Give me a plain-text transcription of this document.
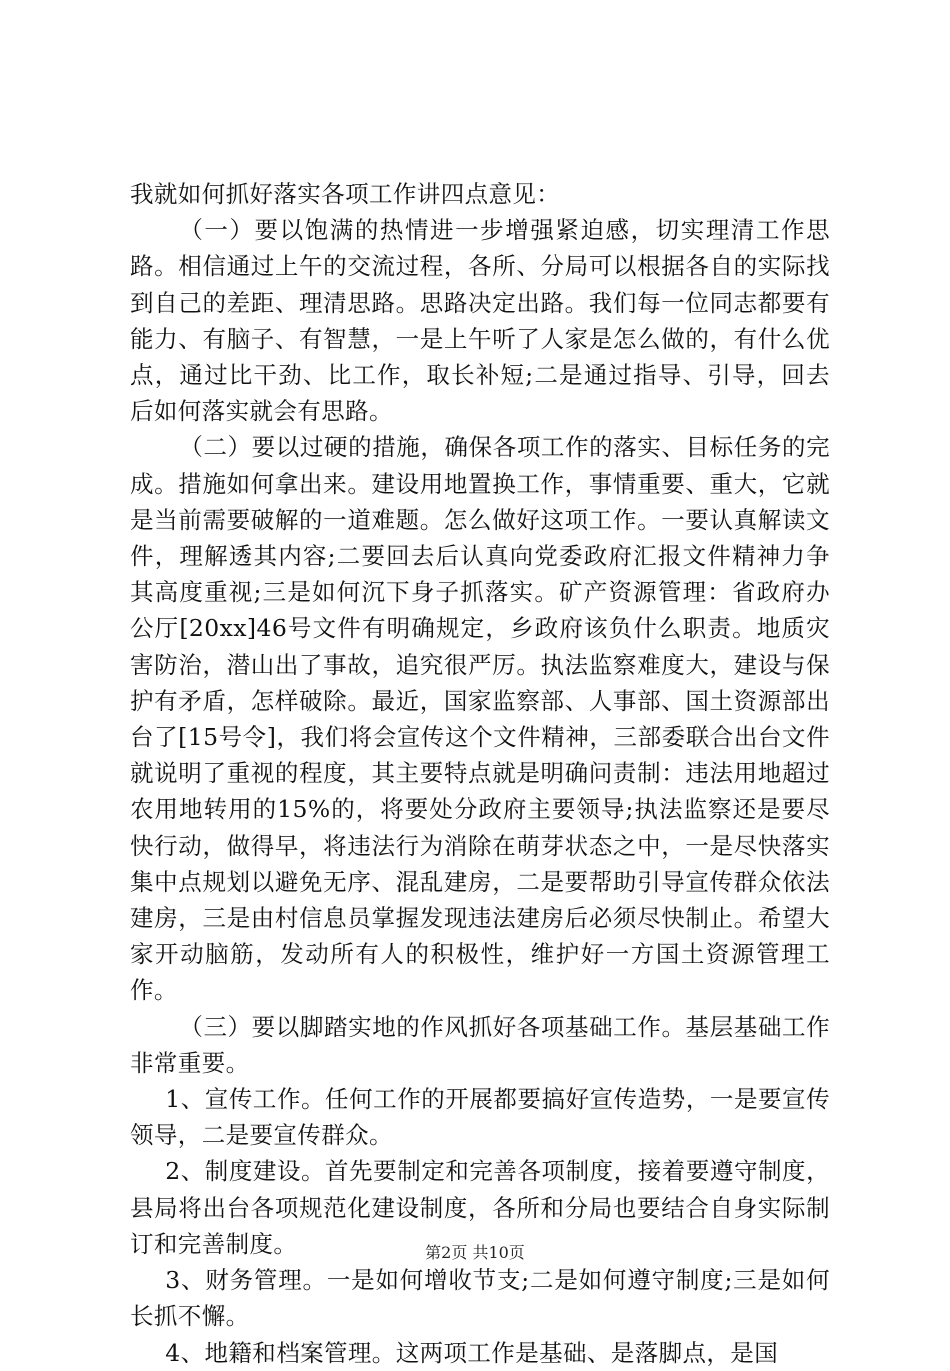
我就如何抓好落实各项工作讲四点意见：

（一）要以饱满的热情进一步增强紧迫感，切实理清工作思路。相信通过上午的交流过程，各所、分局可以根据各自的实际找到自己的差距、理清思路。思路决定出路。我们每一位同志都要有能力、有脑子、有智慧，一是上午听了人家是怎么做的，有什么优点，通过比干劲、比工作，取长补短;二是通过指导、引导，回去后如何落实就会有思路。

（二）要以过硬的措施，确保各项工作的落实、目标任务的完成。措施如何拿出来。建设用地置换工作，事情重要、重大，它就是当前需要破解的一道难题。怎么做好这项工作。一要认真解读文件，理解透其内容;二要回去后认真向党委政府汇报文件精神力争其高度重视;三是如何沉下身子抓落实。矿产资源管理：省政府办公厅[20xx]46号文件有明确规定，乡政府该负什么职责。地质灾害防治，潜山出了事故，追究很严厉。执法监察难度大，建设与保护有矛盾，怎样破除。最近，国家监察部、人事部、国土资源部出台了[15号令]，我们将会宣传这个文件精神，三部委联合出台文件就说明了重视的程度，其主要特点就是明确问责制：违法用地超过农用地转用的15%的，将要处分政府主要领导;执法监察还是要尽快行动，做得早，将违法行为消除在萌芽状态之中，一是尽快落实集中点规划以避免无序、混乱建房，二是要帮助引导宣传群众依法建房，三是由村信息员掌握发现违法建房后必须尽快制止。希望大家开动脑筋，发动所有人的积极性，维护好一方国土资源管理工作。

（三）要以脚踏实地的作风抓好各项基础工作。基层基础工作非常重要。

1、宣传工作。任何工作的开展都要搞好宣传造势，一是要宣传领导，二是要宣传群众。

2、制度建设。首先要制定和完善各项制度，接着要遵守制度，县局将出台各项规范化建设制度，各所和分局也要结合自身实际制订和完善制度。

3、财务管理。一是如何增收节支;二是如何遵守制度;三是如何长抓不懈。

4、地籍和档案管理。这两项工作是基础、是落脚点，是国

第2页 共10页
